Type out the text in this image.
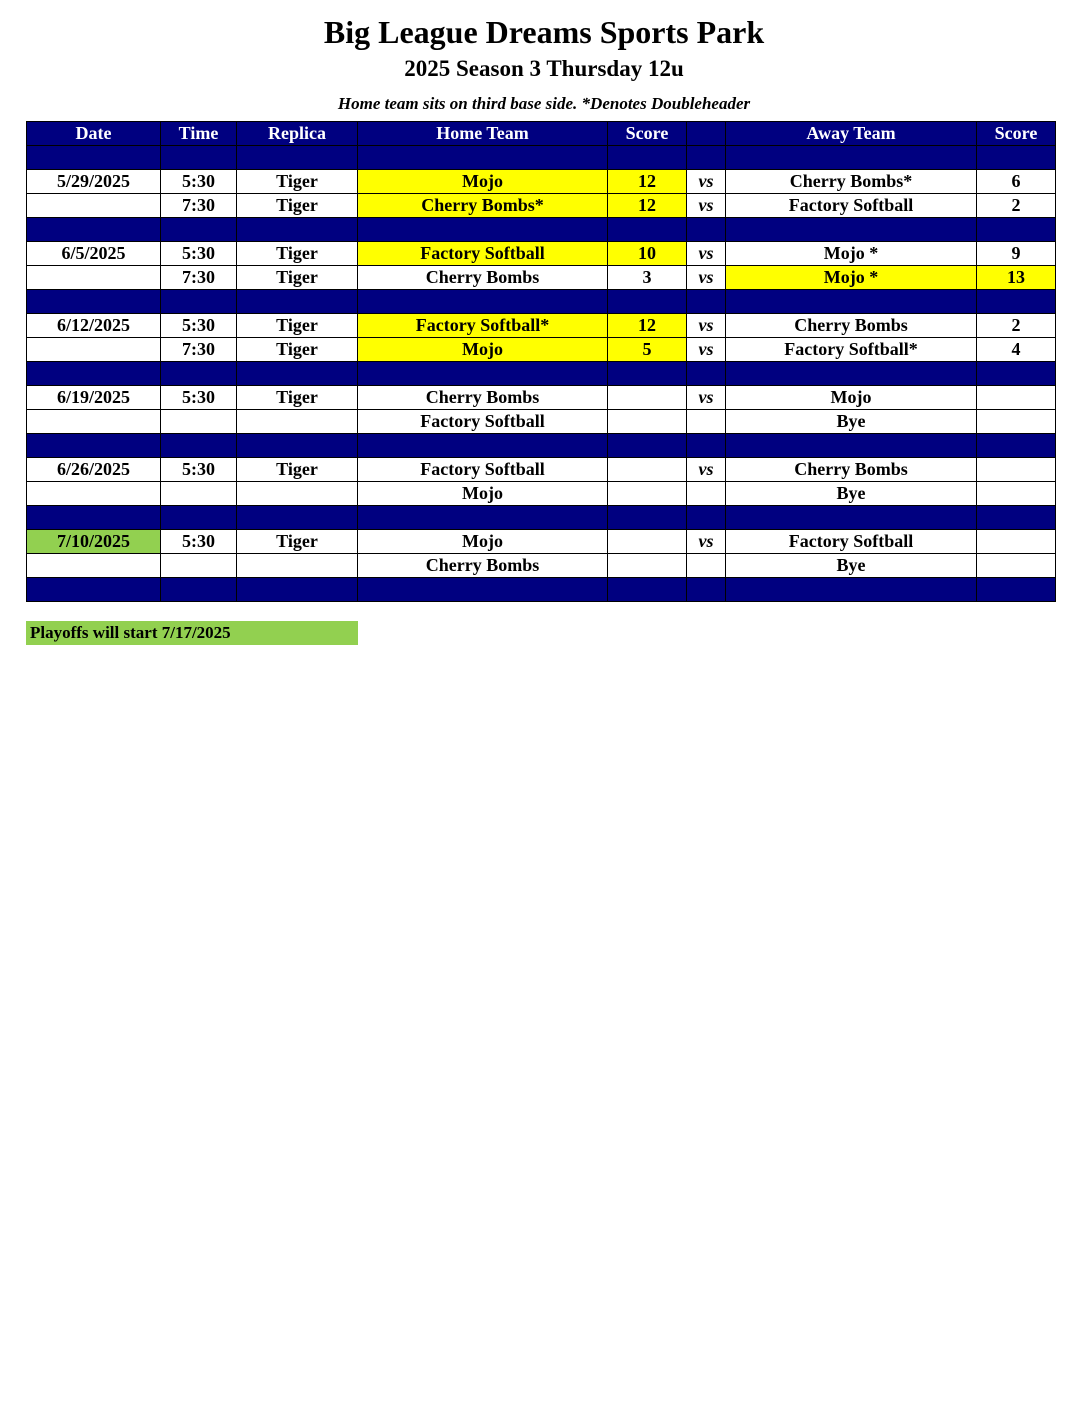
Big League Dreams Sports Park
2025 Season 3 Thursday 12u
Home team sits on third base side. *Denotes Doubleheader
Date	Time	Replica	Home Team	Score		Away Team	Score

5/29/2025	5:30	Tiger	Mojo	12	vs	Cherry Bombs*	6
	7:30	Tiger	Cherry Bombs*	12	vs	Factory Softball	2

6/5/2025	5:30	Tiger	Factory Softball	10	vs	Mojo *	9
	7:30	Tiger	Cherry Bombs	3	vs	Mojo *	13

6/12/2025	5:30	Tiger	Factory Softball*	12	vs	Cherry Bombs	2
	7:30	Tiger	Mojo	5	vs	Factory Softball*	4

6/19/2025	5:30	Tiger	Cherry Bombs		vs	Mojo	
			Factory Softball			Bye	

6/26/2025	5:30	Tiger	Factory Softball		vs	Cherry Bombs	
			Mojo			Bye	

7/10/2025	5:30	Tiger	Mojo		vs	Factory Softball	
			Cherry Bombs			Bye	

Playoffs will start 7/17/2025
